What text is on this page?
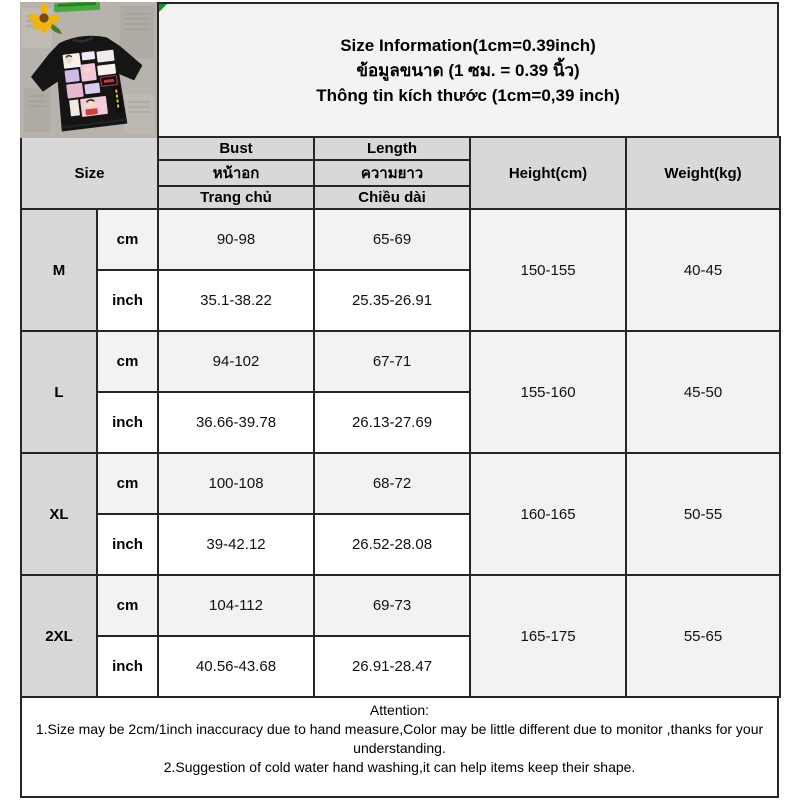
Size Information(1cm=0.39inch)
ข้อมูลขนาด (1 ซม. = 0.39 นิ้ว)
Thông tin kích thước (1cm=0,39 inch)
Size		Bust	Length	Height(cm)	Weight(kg)
		หน้าอก	ความยาว		
		Trang chủ	Chiều dài		
M	cm	90-98	65-69	150-155	40-45
	inch	35.1-38.22	25.35-26.91		
L	cm	94-102	67-71	155-160	45-50
	inch	36.66-39.78	26.13-27.69		
XL	cm	100-108	68-72	160-165	50-55
	inch	39-42.12	26.52-28.08		
2XL	cm	104-112	69-73	165-175	55-65
	inch	40.56-43.68	26.91-28.47		

Attention:

1.Size may be 2cm/1inch inaccuracy due to hand measure,Color may be little different due to monitor ,thanks for your understanding.

2.Suggestion of cold water hand washing,it can help items keep their shape.
